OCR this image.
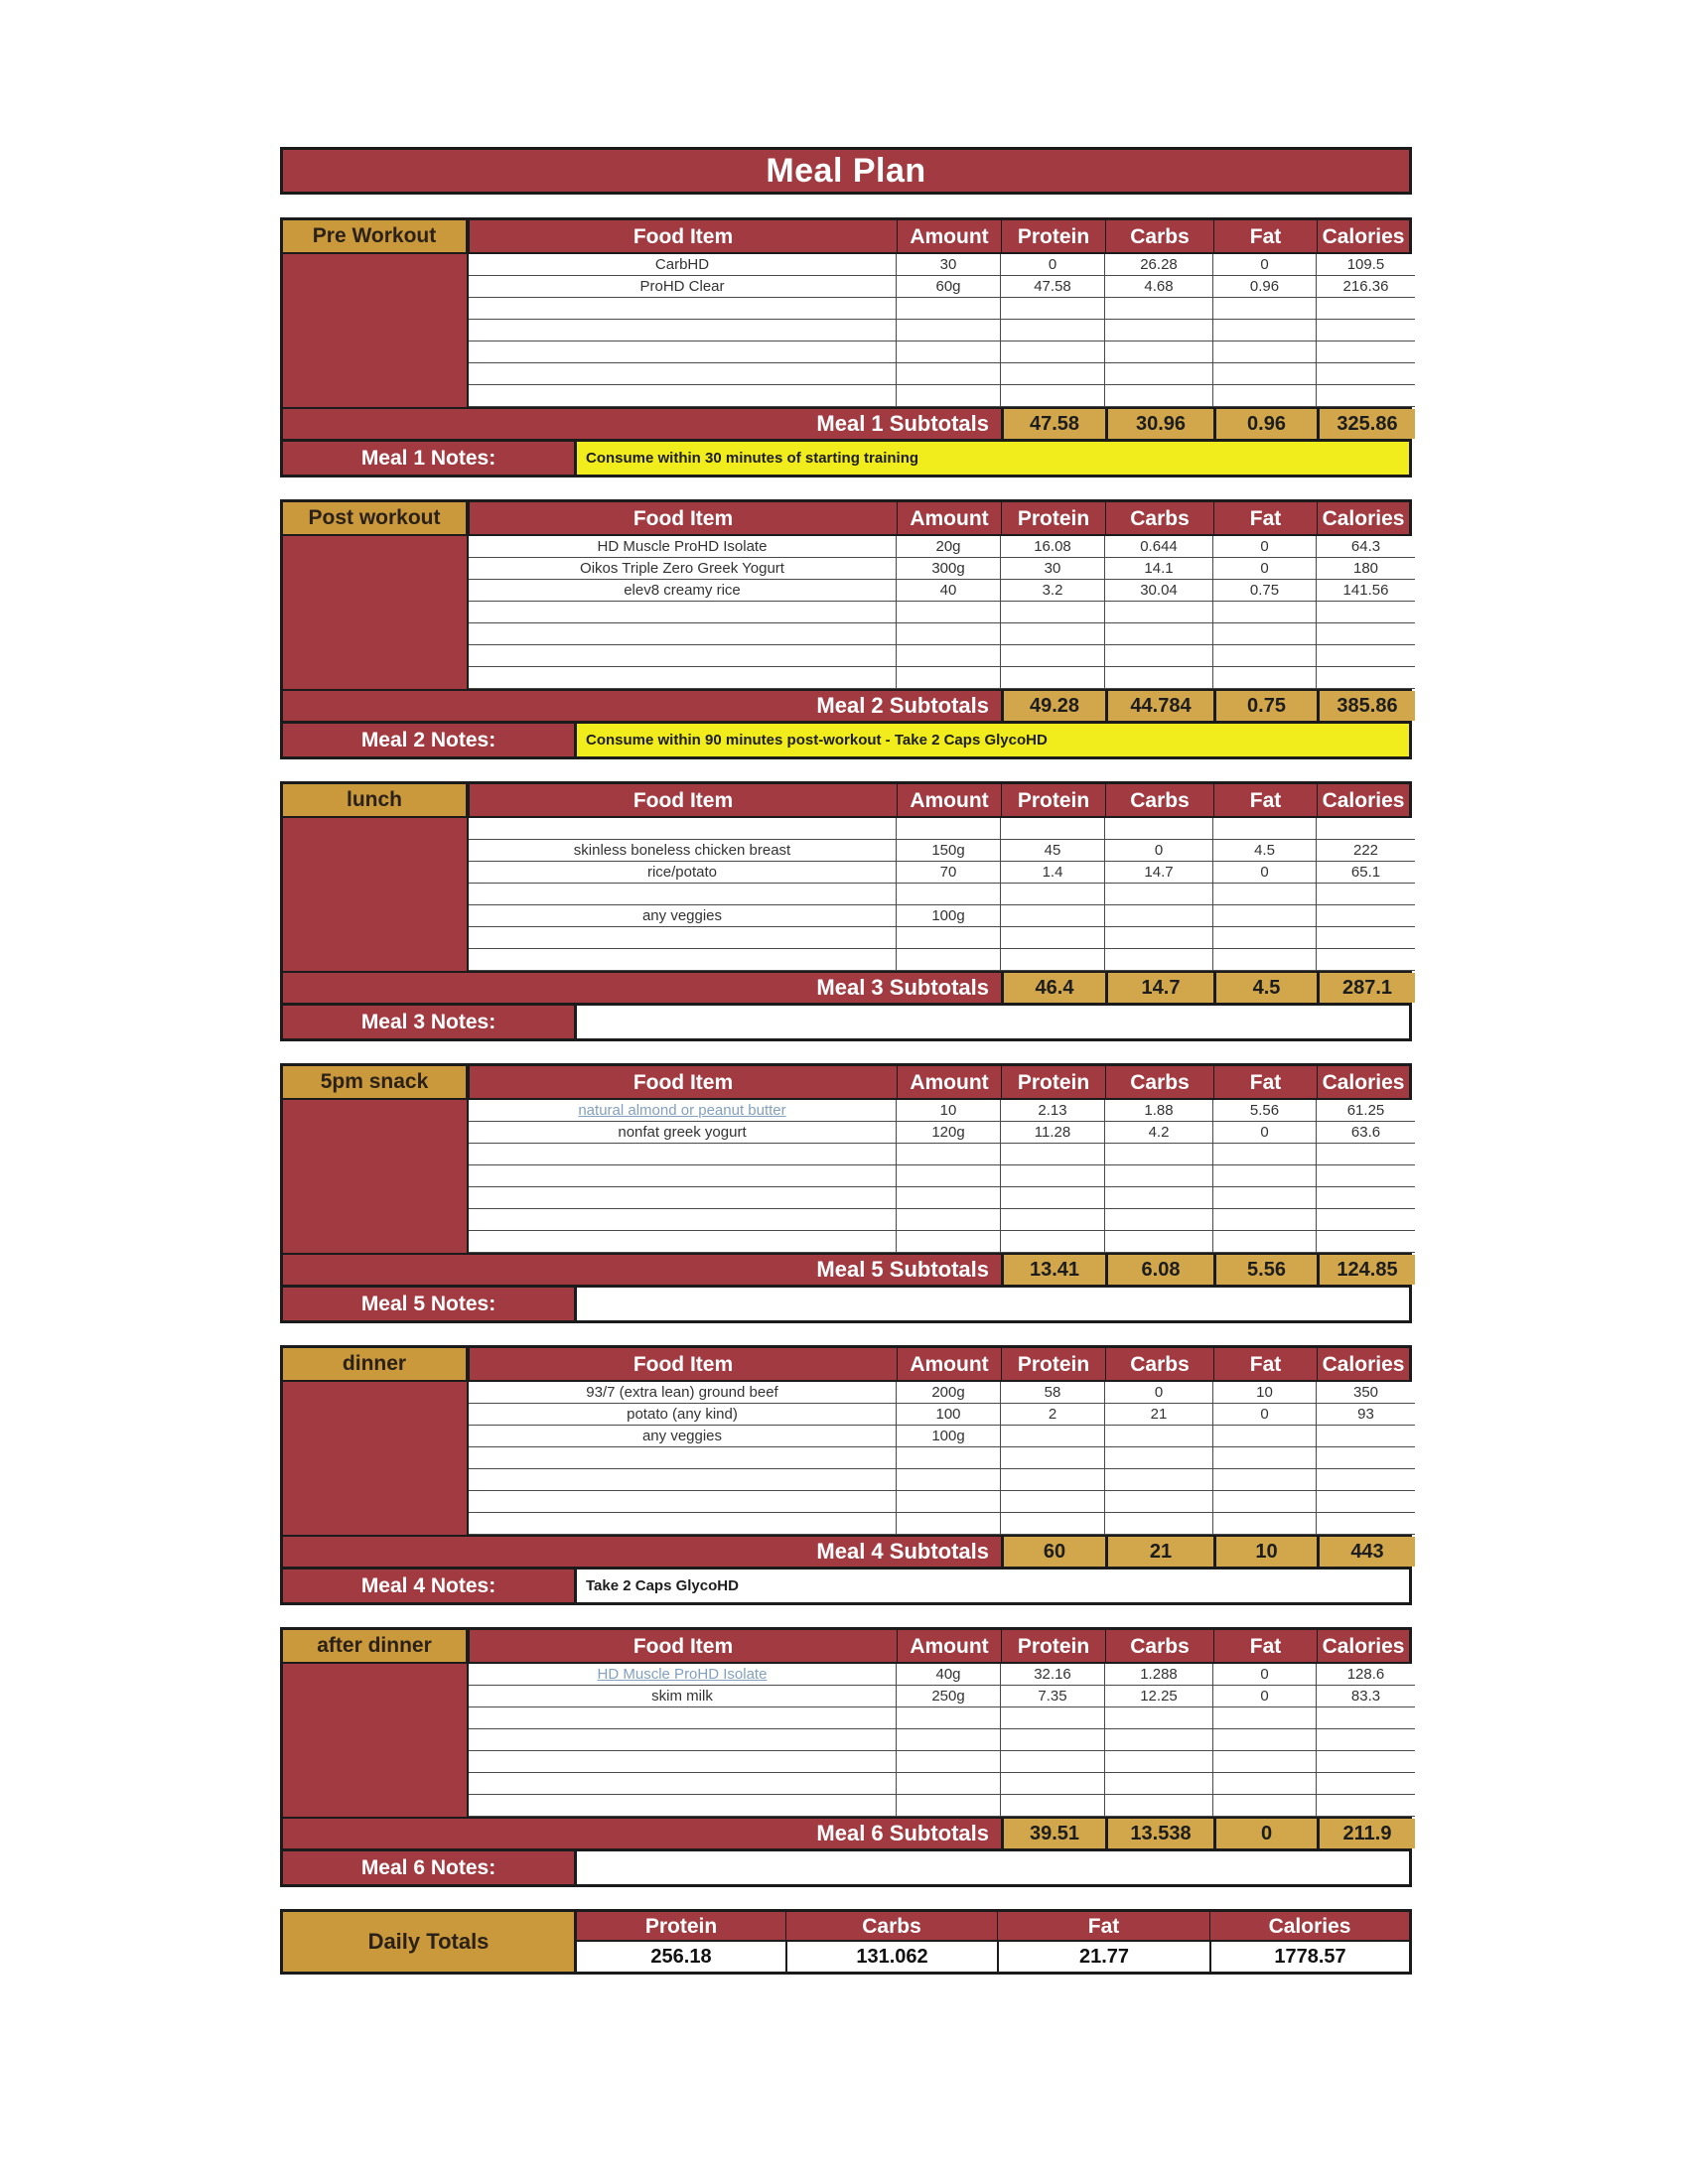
Meal Plan
Pre Workout	Food Item	Amount	Protein	Carbs	Fat	Calories
CarbHD	30	0	26.28	0	109.5
ProHD Clear	60g	47.58	4.68	0.96	216.36
Meal 1 Subtotals	47.58	30.96	0.96	325.86
Meal 1 Notes:	Consume within 30 minutes of starting training
Post workout	Food Item	Amount	Protein	Carbs	Fat	Calories
HD Muscle ProHD Isolate	20g	16.08	0.644	0	64.3
Oikos Triple Zero Greek Yogurt	300g	30	14.1	0	180
elev8 creamy rice	40	3.2	30.04	0.75	141.56
Meal 2 Subtotals	49.28	44.784	0.75	385.86
Meal 2 Notes:	Consume within 90 minutes post-workout - Take 2 Caps GlycoHD
lunch	Food Item	Amount	Protein	Carbs	Fat	Calories
skinless boneless chicken breast	150g	45	0	4.5	222
rice/potato	70	1.4	14.7	0	65.1
any veggies	100g
Meal 3 Subtotals	46.4	14.7	4.5	287.1
Meal 3 Notes:
5pm snack	Food Item	Amount	Protein	Carbs	Fat	Calories
natural almond or peanut butter	10	2.13	1.88	5.56	61.25
nonfat greek yogurt	120g	11.28	4.2	0	63.6
Meal 5 Subtotals	13.41	6.08	5.56	124.85
Meal 5 Notes:
dinner	Food Item	Amount	Protein	Carbs	Fat	Calories
93/7 (extra lean) ground beef	200g	58	0	10	350
potato (any kind)	100	2	21	0	93
any veggies	100g
Meal 4 Subtotals	60	21	10	443
Meal 4 Notes:	Take 2 Caps GlycoHD
after dinner	Food Item	Amount	Protein	Carbs	Fat	Calories
HD Muscle ProHD Isolate	40g	32.16	1.288	0	128.6
skim milk	250g	7.35	12.25	0	83.3
Meal 6 Subtotals	39.51	13.538	0	211.9
Meal 6 Notes:
Daily Totals
Protein	Carbs	Fat	Calories
256.18	131.062	21.77	1778.57
